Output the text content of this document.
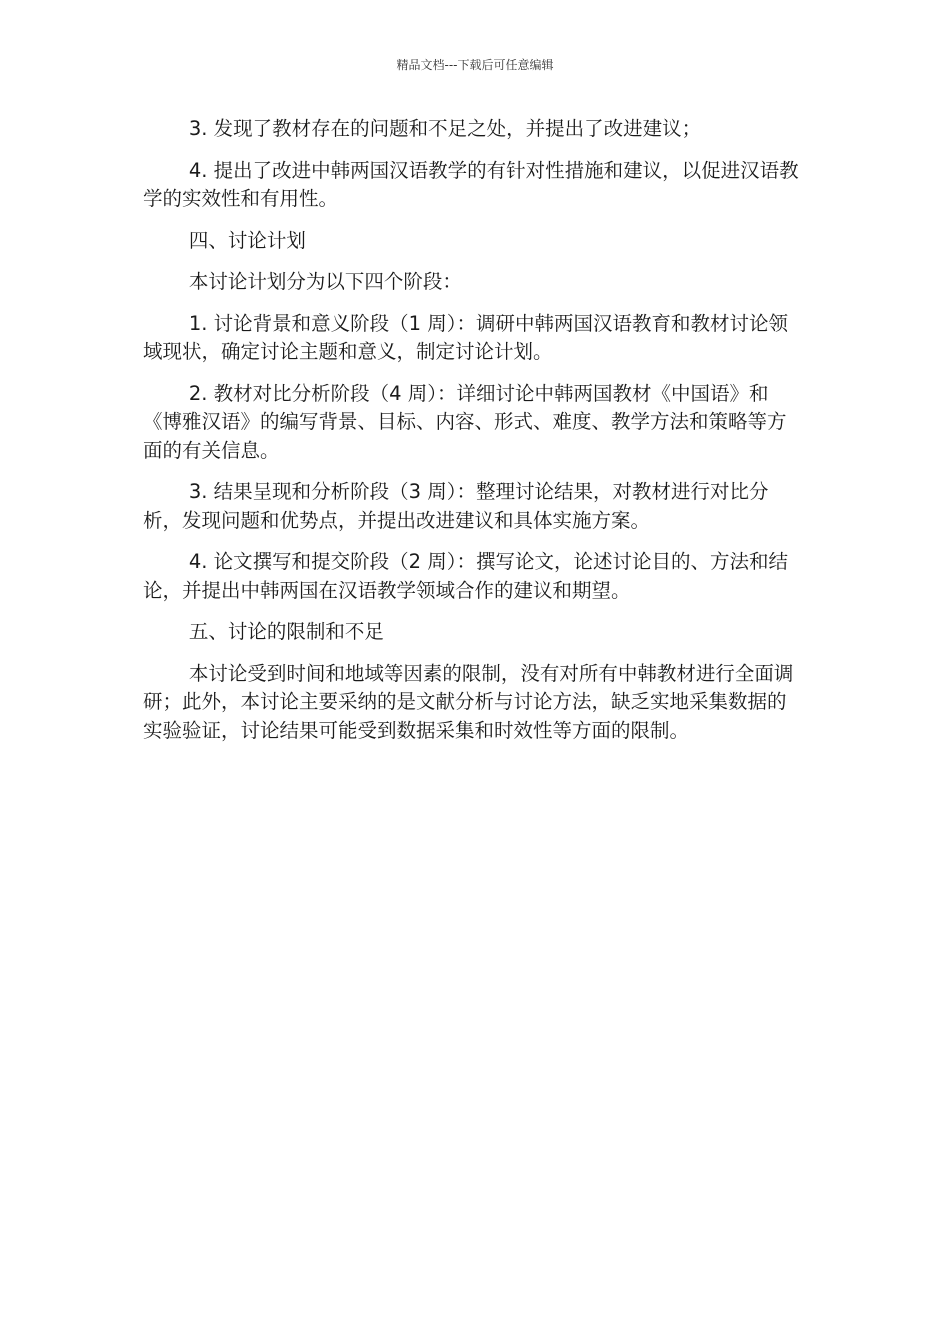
精品文档---下载后可任意编辑

3. 发现了教材存在的问题和不足之处，并提出了改进建议；

4. 提出了改进中韩两国汉语教学的有针对性措施和建议，以促进汉语教学的实效性和有用性。

四、讨论计划

本讨论计划分为以下四个阶段：

1. 讨论背景和意义阶段（1 周）：调研中韩两国汉语教育和教材讨论领域现状，确定讨论主题和意义，制定讨论计划。

2. 教材对比分析阶段（4 周）：详细讨论中韩两国教材《中国语》和《博雅汉语》的编写背景、目标、内容、形式、难度、教学方法和策略等方面的有关信息。

3. 结果呈现和分析阶段（3 周）：整理讨论结果，对教材进行对比分析，发现问题和优势点，并提出改进建议和具体实施方案。

4. 论文撰写和提交阶段（2 周）：撰写论文，论述讨论目的、方法和结论，并提出中韩两国在汉语教学领域合作的建议和期望。

五、讨论的限制和不足

本讨论受到时间和地域等因素的限制，没有对所有中韩教材进行全面调研；此外，本讨论主要采纳的是文献分析与讨论方法，缺乏实地采集数据的实验验证，讨论结果可能受到数据采集和时效性等方面的限制。
